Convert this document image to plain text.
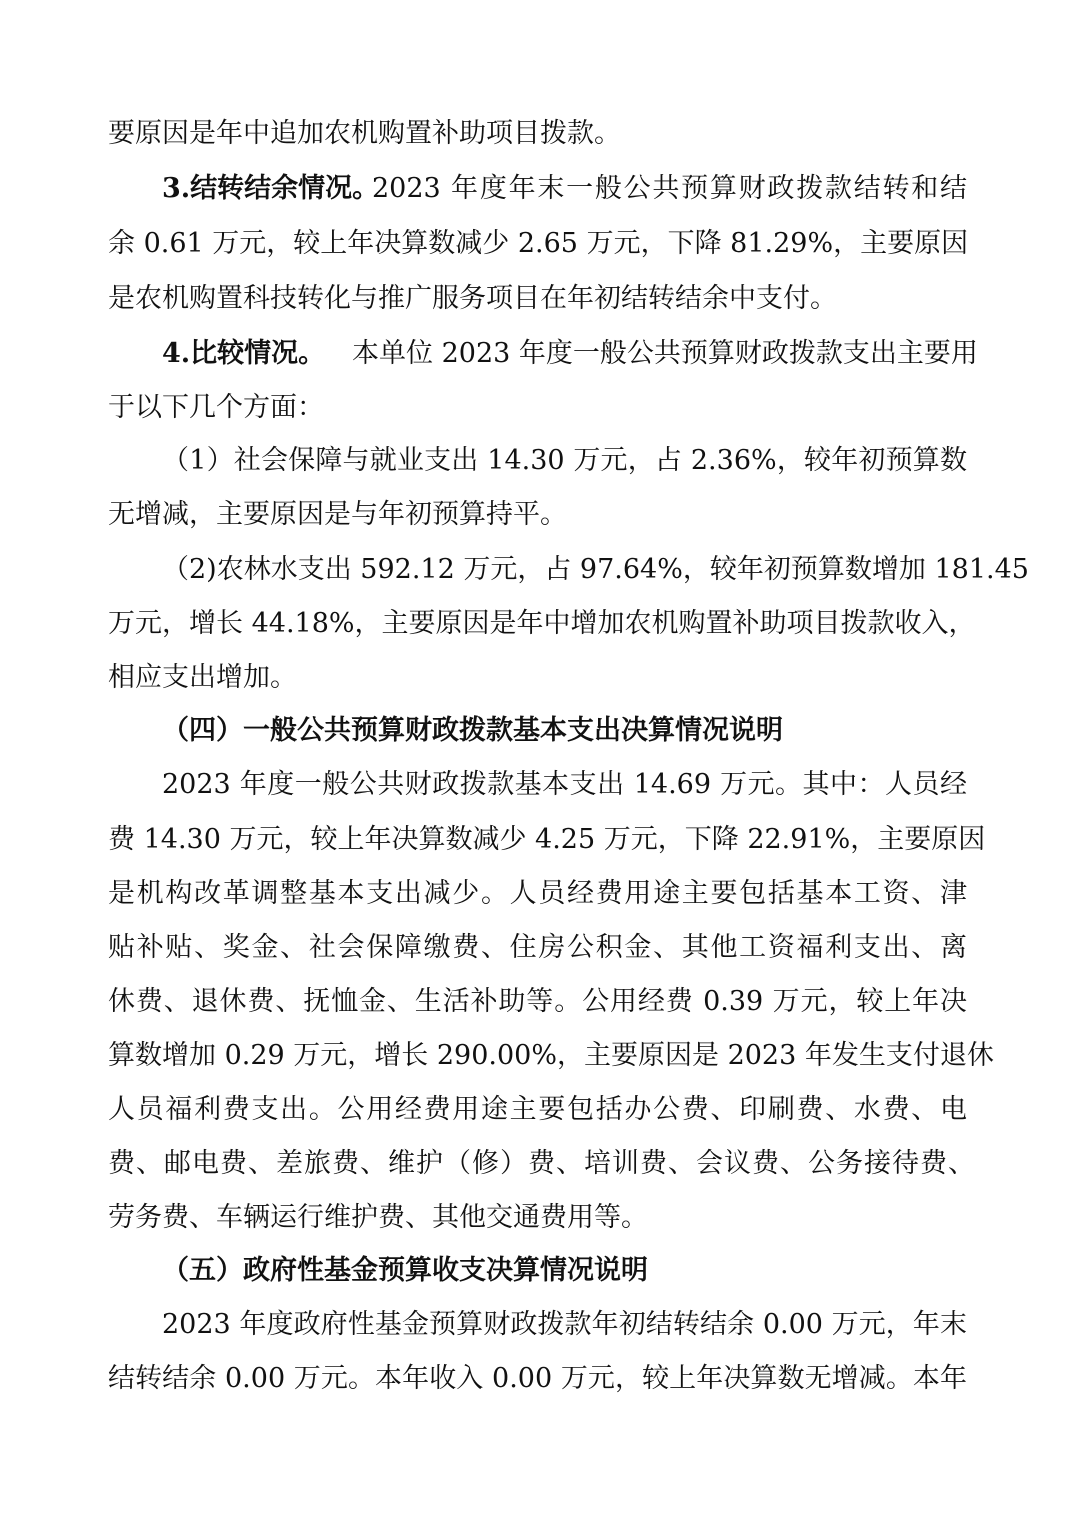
要原因是年中追加农机购置补助项目拨款。
3.结转结余情况。
2023 年度年末一般公共预算财政拨款结转和结
余 0.61 万元，较上年决算数减少 2.65 万元，下降 81.29%，主要原因
是农机购置科技转化与推广服务项目在年初结转结余中支付。
4.比较情况。 本单位 2023 年度一般公共预算财政拨款支出主要用
于以下几个方面：
（1）社会保障与就业支出 14.30 万元，占 2.36%，较年初预算数
无增减，主要原因是与年初预算持平。
（2)农林水支出 592.12 万元，占 97.64%，较年初预算数增加 181.45
万元，增长 44.18%，主要原因是年中增加农机购置补助项目拨款收入，
相应支出增加。
（四）一般公共预算财政拨款基本支出决算情况说明
2023 年度一般公共财政拨款基本支出 14.69 万元。其中：人员经
费 14.30 万元，较上年决算数减少 4.25 万元，下降 22.91%，主要原因
是机构改革调整基本支出减少。人员经费用途主要包括基本工资、津
贴补贴、奖金、社会保障缴费、住房公积金、其他工资福利支出、离
休费、退休费、抚恤金、生活补助等。公用经费 0.39 万元，较上年决
算数增加 0.29 万元，增长 290.00%，主要原因是 2023 年发生支付退休
人员福利费支出。公用经费用途主要包括办公费、印刷费、水费、电
费、邮电费、差旅费、维护（修）费、培训费、会议费、公务接待费、
劳务费、车辆运行维护费、其他交通费用等。
（五）政府性基金预算收支决算情况说明
2023 年度政府性基金预算财政拨款年初结转结余 0.00 万元，年末
结转结余 0.00 万元。本年收入 0.00 万元，较上年决算数无增减。本年
